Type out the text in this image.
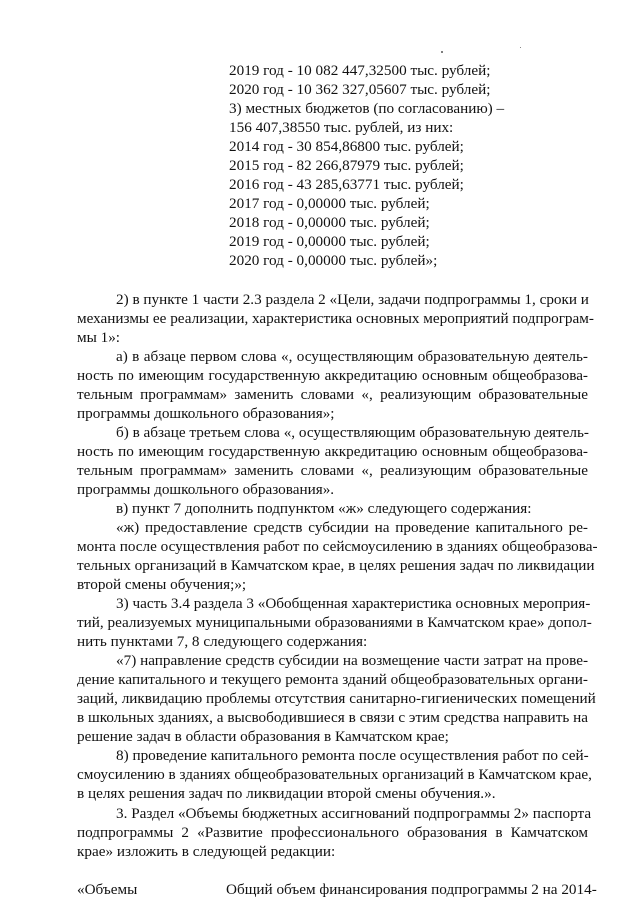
2019 год - 10 082 447,32500 тыс. рублей;
2020 год - 10 362 327,05607 тыс. рублей;
3) местных бюджетов (по согласованию) –
156 407,38550 тыс. рублей, из них:
2014 год - 30 854,86800 тыс. рублей;
2015 год - 82 266,87979 тыс. рублей;
2016 год - 43 285,63771 тыс. рублей;
2017 год - 0,00000 тыс. рублей;
2018 год - 0,00000 тыс. рублей;
2019 год - 0,00000 тыс. рублей;
2020 год - 0,00000 тыс. рублей»;
2) в пункте 1 части 2.3 раздела 2 «Цели, задачи подпрограммы 1, сроки и
механизмы ее реализации, характеристика основных мероприятий подпрограм-
мы 1»:
а) в абзаце первом слова «, осуществляющим образовательную деятель-
ность по имеющим государственную аккредитацию основным общеобразова-
тельным программам» заменить словами «, реализующим образовательные
программы дошкольного образования»;
б) в абзаце третьем слова «, осуществляющим образовательную деятель-
ность по имеющим государственную аккредитацию основным общеобразова-
тельным программам» заменить словами «, реализующим образовательные
программы дошкольного образования».
в) пункт 7 дополнить подпунктом «ж» следующего содержания:
«ж) предоставление средств субсидии на проведение капитального ре-
монта после осуществления работ по сейсмоусилению в зданиях общеобразова-
тельных организаций в Камчатском крае, в целях решения задач по ликвидации
второй смены обучения;»;
3) часть 3.4 раздела 3 «Обобщенная характеристика основных мероприя-
тий, реализуемых муниципальными образованиями в Камчатском крае» допол-
нить пунктами 7, 8 следующего содержания:
«7) направление средств субсидии на возмещение части затрат на прове-
дение капитального и текущего ремонта зданий общеобразовательных органи-
заций, ликвидацию проблемы отсутствия санитарно-гигиенических помещений
в школьных зданиях, а высвободившиеся в связи с этим средства направить на
решение задач в области образования в Камчатском крае;
8) проведение капитального ремонта после осуществления работ по сей-
смоусилению в зданиях общеобразовательных организаций в Камчатском крае,
в целях решения задач по ликвидации второй смены обучения.».
3. Раздел «Объемы бюджетных ассигнований подпрограммы 2» паспорта
подпрограммы 2 «Развитие профессионального образования в Камчатском
крае» изложить в следующей редакции:
«Объемы	Общий объем финансирования подпрограммы 2 на 2014-
